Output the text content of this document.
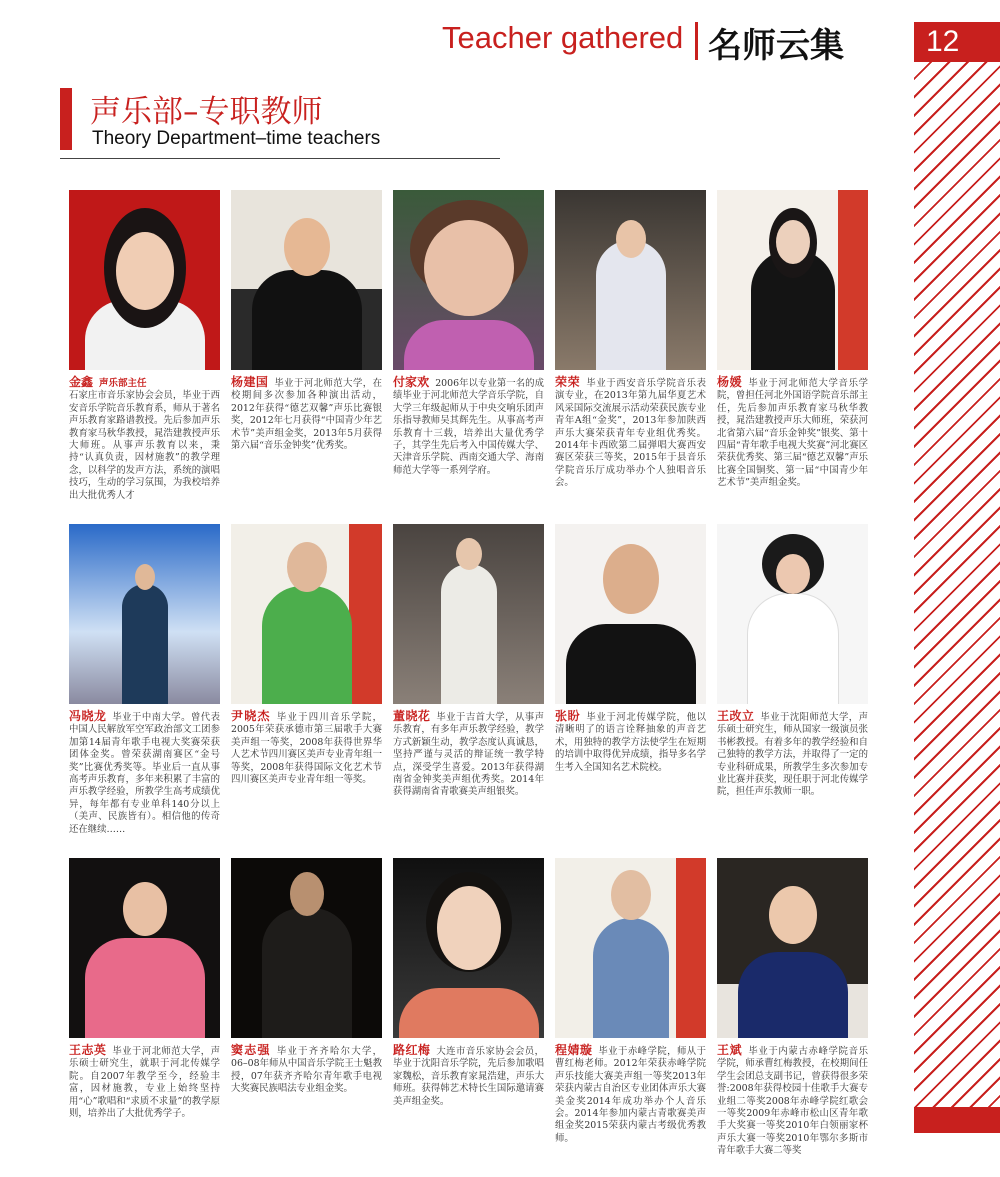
Teacher gathered 名师云集	12
声乐部–专职教师
Theory Department–time teachers
金鑫 声乐部主任
石家庄市音乐家协会会员，毕业于西安音乐学院音乐教育系，师从于著名声乐教育家路谱教授。先后参加声乐教育家马秋华教授，晁浩建教授声乐大师班。从事声乐教育以来，秉持“认真负责，因材施教”的教学理念，以科学的发声方法，系统的演唱技巧，生动的学习氛围，为我校培养出大批优秀人才
杨建国 毕业于河北师范大学，在校期间多次参加各种演出活动，2012年获得“德艺双馨”声乐比赛银奖，2012年七月获得“中国青少年艺术节”美声组金奖，2013年5月获得第六届“音乐金钟奖”优秀奖。
付家欢 2006年以专业第一名的成绩毕业于河北师范大学音乐学院，自大学三年级起师从于中央交响乐团声乐指导教师吴其辉先生。从事高考声乐教育十三载，培养出大量优秀学子，其学生先后考入中国传媒大学、天津音乐学院、西南交通大学、海南师范大学等一系列学府。
荣荣 毕业于西安音乐学院音乐表演专业，在2013年第九届华夏艺术风采国际交流展示活动荣获民族专业青年A组“金奖”，2013年参加陕西声乐大赛荣获青年专业组优秀奖。2014年卡西欧第二届弹唱大赛西安赛区荣获三等奖，2015年于县音乐学院音乐厅成功举办个人独唱音乐会。
杨媛 毕业于河北师范大学音乐学院，曾担任河北外国语学院音乐部主任，先后参加声乐教育家马秋华教授，晁浩建教授声乐大师班，荣获河北省第六届“音乐金钟奖”银奖、第十四届“青年歌手电视大奖赛”河北赛区荣获优秀奖、第三届“德艺双馨”声乐比赛全国铜奖、第一届“中国青少年艺术节”美声组金奖。
冯晓龙 毕业于中南大学。曾代表中国人民解放军空军政治部文工团参加第14届青年歌手电视大奖赛荣获团体金奖。曾荣获湖南赛区“金号奖”比赛优秀奖等。毕业后一直从事高考声乐教育，多年来积累了丰富的声乐教学经验，所教学生高考成绩优异，每年都有专业单科140分以上（美声、民族皆有）。相信他的传奇还在继续……
尹晓杰 毕业于四川音乐学院，2005年荣获承德市第三届歌手大赛美声组一等奖，2008年获得世界华人艺术节四川赛区美声专业青年组一等奖，2008年获得国际文化艺术节四川赛区美声专业青年组一等奖。
董晓花 毕业于吉首大学，从事声乐教育，有多年声乐教学经验，教学方式新颖生动，教学态度认真诚恳，坚持严谨与灵活的辩证统一教学特点，深受学生喜爱。2013年获得湖南省金钟奖美声组优秀奖。2014年获得湖南省青歌赛美声组银奖。
张盼 毕业于河北传媒学院，他以清晰明了的语言诠释抽象的声音艺术，用独特的教学方法使学生在短期的培训中取得优异成绩，指导多名学生考入全国知名艺术院校。
王改立 毕业于沈阳师范大学，声乐硕士研究生，师从国家一级演员张书彬教授。有着多年的教学经验和自己独特的教学方法，并取得了一定的专业科研成果，所教学生多次参加专业比赛并获奖，现任职于河北传媒学院，担任声乐教师一职。
王志英 毕业于河北师范大学，声乐硕士研究生，就职于河北传媒学院。自2007年教学至今，经验丰富，因材施教，专业上始终坚持用“心”歌唱和“求质不求量”的教学原则，培养出了大批优秀学子。
窦志强 毕业于齐齐哈尔大学，06–08年师从中国音乐学院王士魁教授，07年获齐齐哈尔青年歌手电视大奖赛民族唱法专业组金奖。
路红梅 大连市音乐家协会会员，毕业于沈阳音乐学院，先后参加歌唱家魏松，音乐教育家晁浩建，声乐大师班。获得韩艺术特长生国际邀请赛美声组金奖。
程婧璇 毕业于赤峰学院，师从于曹红梅老师。2012年荣获赤峰学院声乐技能大赛美声组一等奖2013年荣获内蒙古自治区专业团体声乐大赛美金奖2014年成功举办个人音乐会。2014年参加内蒙古青歌赛美声组金奖2015荣获内蒙古考级优秀教师。
王斌 毕业于内蒙古赤峰学院音乐学院，师承曹红梅教授，在校期间任学生会团总支副书记，曾获得很多荣誉:2008年获得校园十佳歌手大赛专业组二等奖2008年赤峰学院红歌会一等奖2009年赤峰市松山区青年歌手大奖赛一等奖2010年白领丽家杯声乐大赛一等奖2010年鄂尔多斯市青年歌手大赛二等奖
